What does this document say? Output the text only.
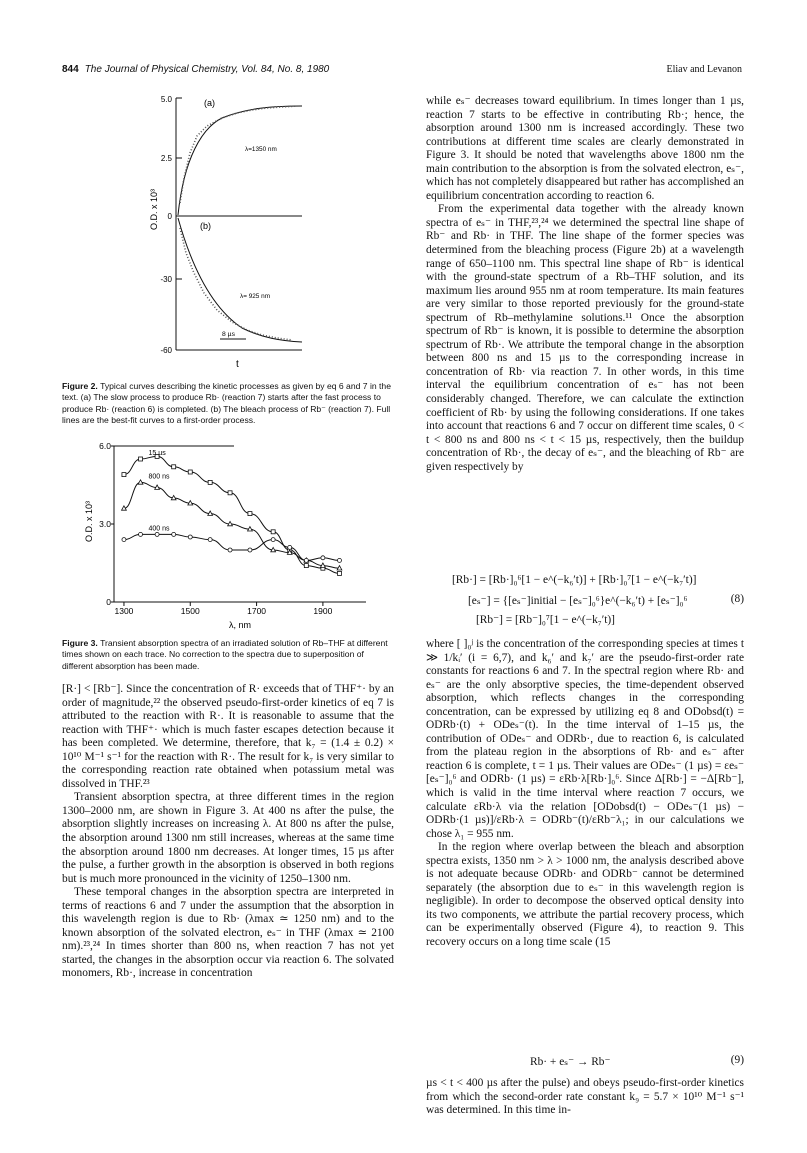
844 The Journal of Physical Chemistry, Vol. 84, No. 8, 1980	Eliav and Levanon
5.0
2.5
0
-30
-60
O.D. x 10³
(a)
(b)
λ=1350 nm
λ= 925 nm
8 µs
t
Figure 2. Typical curves describing the kinetic processes as given by eq 6 and 7 in the text. (a) The slow process to produce Rb· (reaction 7) starts after the fast process to produce Rb· (reaction 6) is completed. (b) The bleach process of Rb⁻ (reaction 7). Full lines are the best-fit curves to a first-order process.
1300	1500	1700	1900
0
3.0
6.0
15 µs
800 ns
400 ns
λ, nm
O.D. x 10³
Figure 3. Transient absorption spectra of an irradiated solution of Rb–THF at different times shown on each trace. No correction to the spectra due to superposition of different absorption has been made.

[R·] < [Rb⁻]. Since the concentration of R· exceeds that of THF⁺· by an order of magnitude,²² the observed pseudo-first-order kinetics of eq 7 is attributed to the reaction with R·. It is reasonable to assume that the reaction with THF⁺· which is much faster escapes detection because it has been completed. We determine, therefore, that k₇ = (1.4 ± 0.2) × 10¹⁰ M⁻¹ s⁻¹ for the reaction with R·. The result for k₇ is very similar to the corresponding reaction rate obtained when potassium metal was dissolved in THF.²³

Transient absorption spectra, at three different times in the region 1300–2000 nm, are shown in Figure 3. At 400 ns after the pulse, the absorption slightly increases on increasing λ. At 800 ns after the pulse, the absorption around 1300 nm still increases, whereas at the same time the absorption around 1800 nm decreases. At longer times, 15 µs after the pulse, a further growth in the absorption is observed in both regions but is much more pronounced in the vicinity of 1250–1300 nm.

These temporal changes in the absorption spectra are interpreted in terms of reactions 6 and 7 under the assumption that the absorption in this wavelength region is due to Rb· (λmax ≃ 1250 nm) and to the known absorption of the solvated electron, eₛ⁻ in THF (λmax ≃ 2100 nm).²³,²⁴ In times shorter than 800 ns, when reaction 7 has not yet started, the changes in the absorption occur via reaction 6. The solvated monomers, Rb·, increase in concentration

while eₛ⁻ decreases toward equilibrium. In times longer than 1 µs, reaction 7 starts to be effective in contributing Rb·; hence, the absorption around 1300 nm is increased accordingly. These two contributions at different time scales are clearly demonstrated in Figure 3. It should be noted that wavelengths above 1800 nm the main contribution to the absorption is from the solvated electron, eₛ⁻, which has not completely disappeared but rather has accomplished an equilibrium concentration according to reaction 6.

From the experimental data together with the already known spectra of eₛ⁻ in THF,²³,²⁴ we determined the spectral line shape of Rb⁻ and Rb· in THF. The line shape of the former species was determined from the bleaching process (Figure 2b) at a wavelength range of 650–1100 nm. This spectral line shape of Rb⁻ is identical with the ground-state spectrum of a Rb–THF solution, and its maximum lies around 955 nm at room temperature. Its main features are very similar to those reported previously for the ground-state spectrum of Rb–methylamine solutions.¹¹ Once the absorption spectrum of Rb⁻ is known, it is possible to determine the absorption spectrum of Rb·. We attribute the temporal change in the absorption between 800 ns and 15 µs to the corresponding increase in concentration of Rb· via reaction 7. In other words, in this time interval the equilibrium concentration of eₛ⁻ has not been considerably changed. Therefore, we can calculate the extinction coefficient of Rb· by using the following considerations. If one takes into account that reactions 6 and 7 occur on different time scales, 0 < t < 800 ns and 800 ns < t < 15 µs, respectively, then the buildup concentration of Rb·, the decay of eₛ⁻, and the bleaching of Rb⁻ are given respectively by

[Rb·] = [Rb·]₀⁶[1 − e^(−k₆′t)] + [Rb·]₀⁷[1 − e^(−k₇′t)]
[eₛ⁻] = {[eₛ⁻]initial − [eₛ⁻]₀⁶}e^(−k₆′t) + [eₛ⁻]₀⁶
[Rb⁻] = [Rb⁻]₀⁷[1 − e^(−k₇′t)]
(8)

where [ ]₀ʲ is the concentration of the corresponding species at times t ≫ 1/kᵢ′ (i = 6,7), and k₆′ and k₇′ are the pseudo-first-order rate constants for reactions 6 and 7. In the spectral region where Rb· and eₛ⁻ are the only absorptive species, the time-dependent observed absorption, which reflects changes in the corresponding concentration, can be expressed by utilizing eq 8 and ODobsd(t) = ODRb·(t) + ODeₛ⁻(t). In the time interval of 1–15 µs, the contribution of ODeₛ⁻ and ODRb·, due to reaction 6, is calculated from the plateau region in the absorptions of Rb· and eₛ⁻ after reaction 6 is complete, t = 1 µs. Their values are ODeₛ⁻ (1 µs) = εeₛ⁻ [eₛ⁻]₀⁶ and ODRb· (1 µs) = εRb·λ[Rb·]₀⁶. Since Δ[Rb·] = −Δ[Rb⁻], which is valid in the time interval where reaction 7 occurs, we calculate εRb·λ via the relation [ODobsd(t) − ODeₛ⁻(1 µs) − ODRb·(1 µs)]/εRb·λ = ODRb⁻(t)/εRb⁻λ₁; in our calculations we chose λ₁ = 955 nm.

In the region where overlap between the bleach and absorption spectra exists, 1350 nm > λ > 1000 nm, the analysis described above is not adequate because ODRb· and ODRb⁻ cannot be determined separately (the absorption due to eₛ⁻ in this wavelength region is negligible). In order to decompose the observed optical density into its two components, we attribute the partial recovery process, which can be experimentally observed (Figure 4), to reaction 9. This recovery occurs on a long time scale (15

Rb· + eₛ⁻ → Rb⁻	(9)

µs < t < 400 µs after the pulse) and obeys pseudo-first-order kinetics from which the second-order rate constant k₉ = 5.7 × 10¹⁰ M⁻¹ s⁻¹ was determined. In this time in-
